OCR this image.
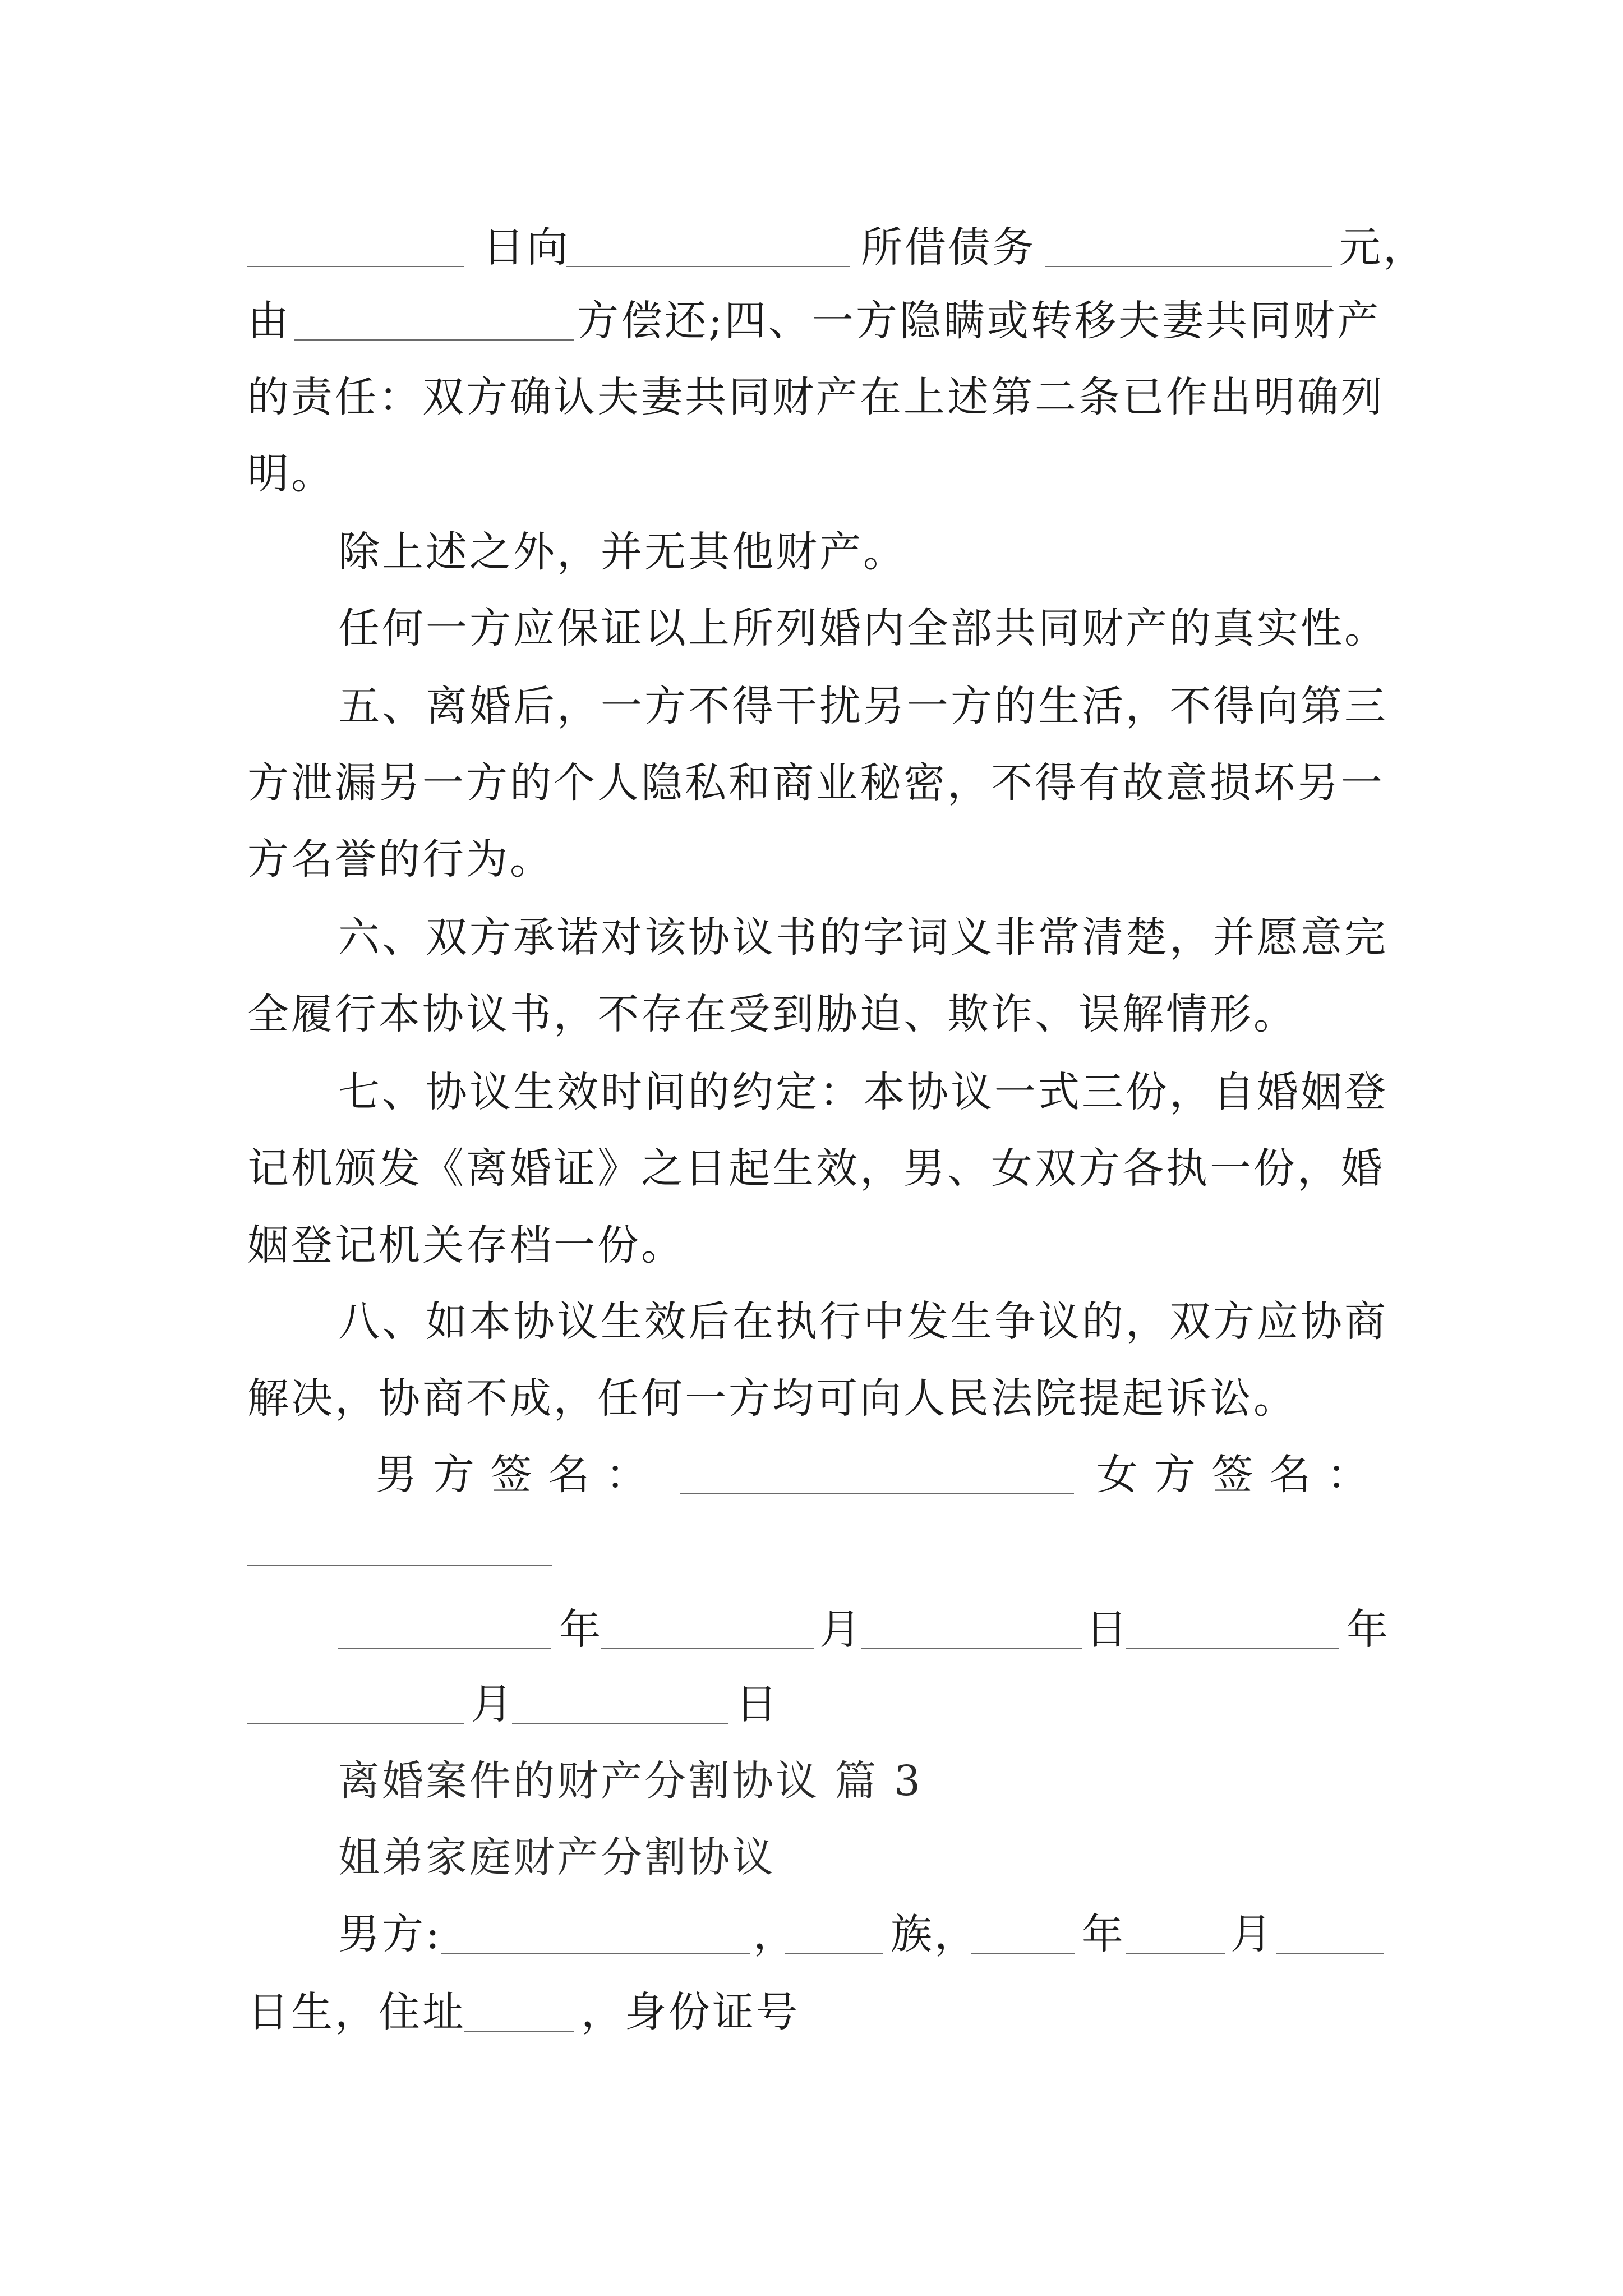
日向	所借债务	元，
由	方偿还;四、一方隐瞒或转移夫妻共同财产
的责任：双方确认夫妻共同财产在上述第二条已作出明确列
明。
除上述之外，并无其他财产。
任何一方应保证以上所列婚内全部共同财产的真实性。
五、离婚后，一方不得干扰另一方的生活，不得向第三
方泄漏另一方的个人隐私和商业秘密，不得有故意损坏另一
方名誉的行为。
六、双方承诺对该协议书的字词义非常清楚，并愿意完
全履行本协议书，不存在受到胁迫、欺诈、误解情形。
七、协议生效时间的约定：本协议一式三份，自婚姻登
记机颁发《离婚证》之日起生效，男、女双方各执一份，婚
姻登记机关存档一份。
八、如本协议生效后在执行中发生争议的，双方应协商
解决，协商不成，任何一方均可向人民法院提起诉讼。
男 方 签 名 ：	女 方 签 名 ：
年	月	日	年
月	日
离婚案件的财产分割协议 篇 3
姐弟家庭财产分割协议
男方:	， 族，	年	月
日生，住址	，身份证号
